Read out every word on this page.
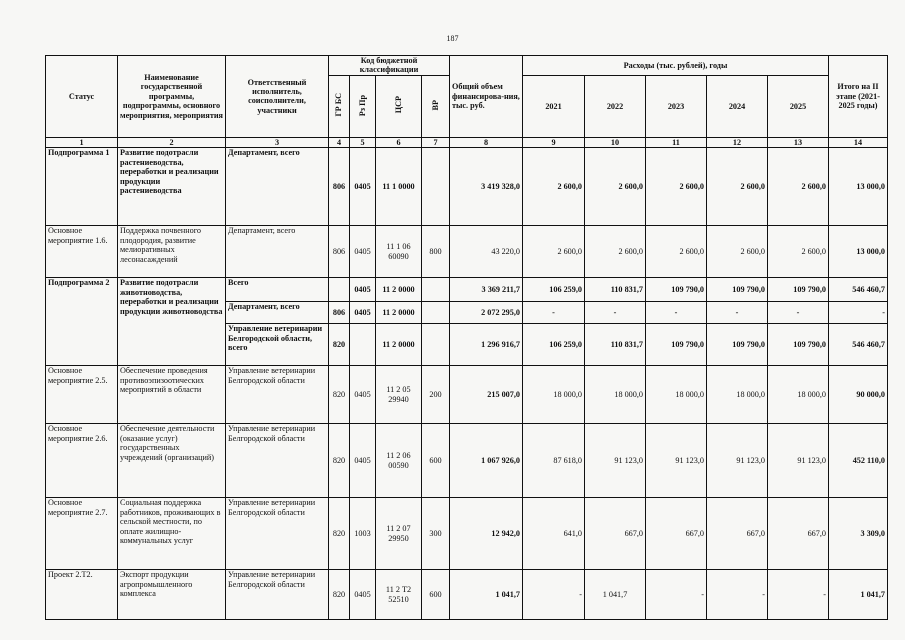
187
Статус	Наименование государственной программы, подпрограммы, основного мероприятия, мероприятия	Ответственный исполнитель, соисполнители, участники	Код бюджетной классификации				Общий объем финансирова-ния, тыс. руб.	Расходы (тыс. рублей), годы					Итого на II этапе (2021-2025 годы)
			ГР БС	Рз Пр	ЦСР	ВР		2021	2022	2023	2024	2025	
1	2	3	4	5	6	7	8	9	10	11	12	13	14
Подпрограмма 1	Развитие подотрасли растениеводства, переработки и реализации продукции растениеводства	Департамент, всего	806	0405	11 1 0000		3 419 328,0	2 600,0	2 600,0	2 600,0	2 600,0	2 600,0	13 000,0
Основное мероприятие 1.6.	Поддержка почвенного плодородия, развитие мелиоративных лесонасаждений	Департамент, всего	806	0405	11 1 06 60090	800	43 220,0	2 600,0	2 600,0	2 600,0	2 600,0	2 600,0	13 000,0
Подпрограмма 2	Развитие подотрасли животноводства, переработки и реализации продукции животноводства	Всего		0405	11 2 0000		3 369 211,7	106 259,0	110 831,7	109 790,0	109 790,0	109 790,0	546 460,7
		Департамент, всего	806	0405	11 2 0000		2 072 295,0	-	-	-	-	-	-
		Управление ветеринарии Белгородской области, всего	820		11 2 0000		1 296 916,7	106 259,0	110 831,7	109 790,0	109 790,0	109 790,0	546 460,7
Основное мероприятие 2.5.	Обеспечение проведения противоэпизоотических мероприятий в области	Управление ветеринарии Белгородской области	820	0405	11 2 05 29940	200	215 007,0	18 000,0	18 000,0	18 000,0	18 000,0	18 000,0	90 000,0
Основное мероприятие 2.6.	Обеспечение деятельности (оказание услуг) государственных учреждений (организаций)	Управление ветеринарии Белгородской области	820	0405	11 2 06 00590	600	1 067 926,0	87 618,0	91 123,0	91 123,0	91 123,0	91 123,0	452 110,0
Основное мероприятие 2.7.	Социальная поддержка работников, проживающих в сельской местности, по оплате жилищно-коммунальных услуг	Управление ветеринарии Белгородской области	820	1003	11 2 07 29950	300	12 942,0	641,0	667,0	667,0	667,0	667,0	3 309,0
Проект 2.Т2.	Экспорт продукции агропромышленного комплекса	Управление ветеринарии Белгородской области	820	0405	11 2 Т2 52510	600	1 041,7	-	1 041,7	-	-	-	1 041,7
